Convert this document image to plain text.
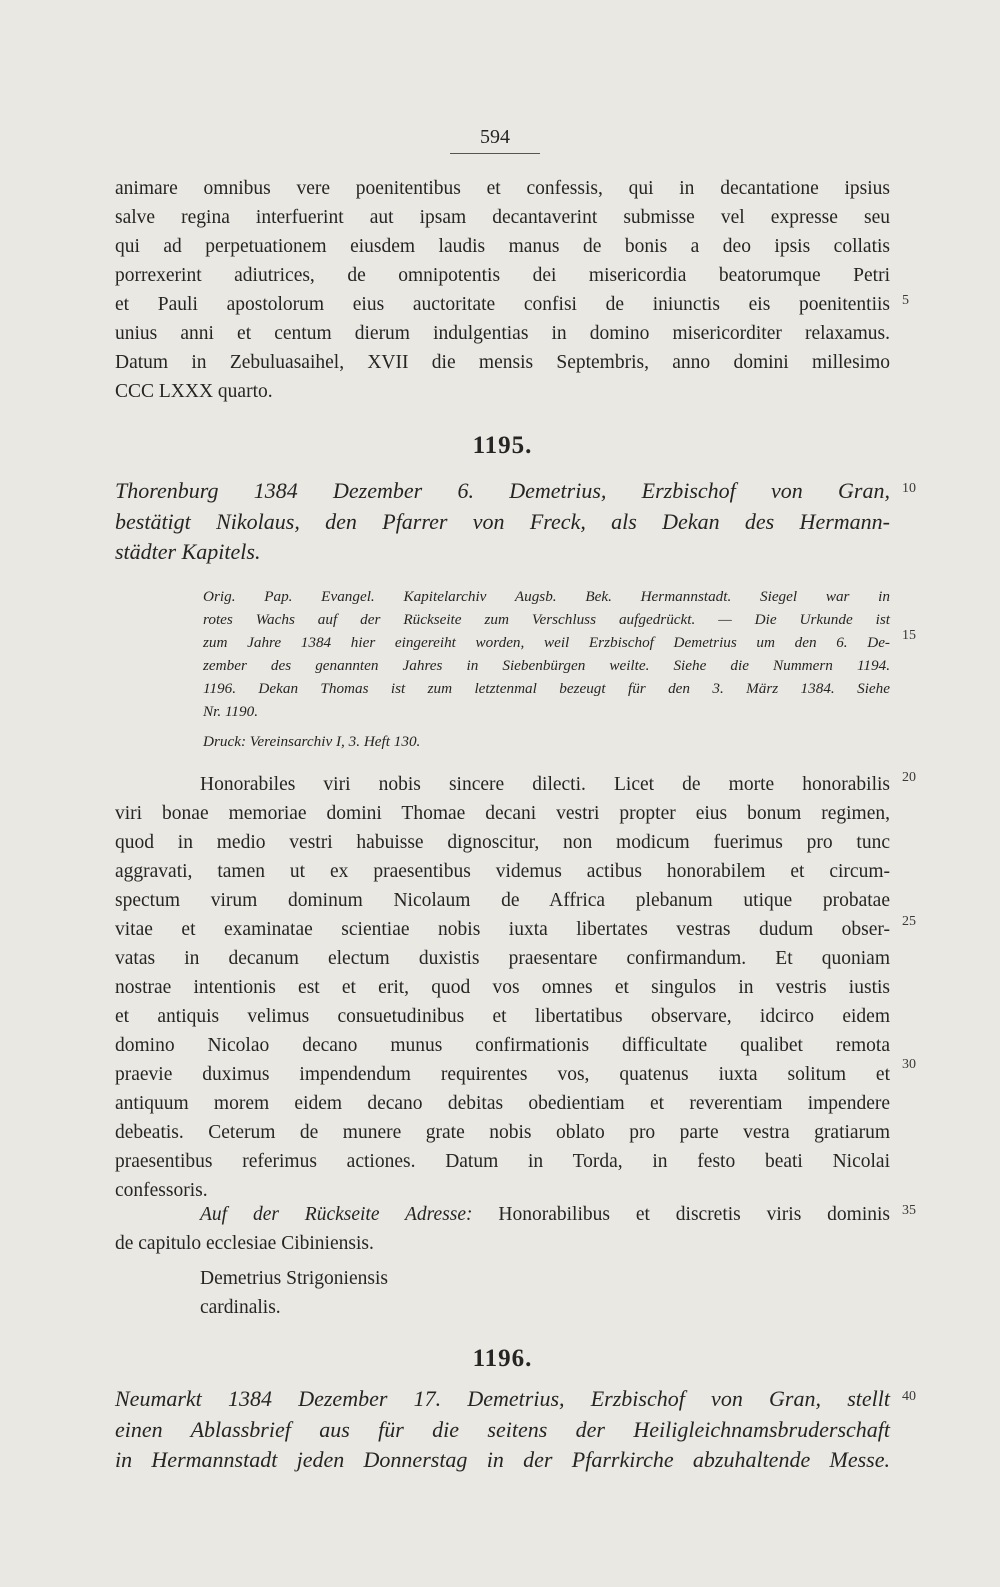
594
animare omnibus vere poenitentibus et confessis, qui in decantatione ipsius
salve regina interfuerint aut ipsam decantaverint submisse vel expresse seu
qui ad perpetuationem eiusdem laudis manus de bonis a deo ipsis collatis
porrexerint adiutrices, de omnipotentis dei misericordia beatorumque Petri
et Pauli apostolorum eius auctoritate confisi de iniunctis eis poenitentiis
unius anni et centum dierum indulgentias in domino misericorditer relaxamus.
Datum in Zebuluasaihel, XVII die mensis Septembris, anno domini millesimo
CCC LXXX quarto.
1195.
Thorenburg 1384 Dezember 6. Demetrius, Erzbischof von Gran,
bestätigt Nikolaus, den Pfarrer von Freck, als Dekan des Hermann-
städter Kapitels.
Orig. Pap. Evangel. Kapitelarchiv Augsb. Bek. Hermannstadt. Siegel war in
rotes Wachs auf der Rückseite zum Verschluss aufgedrückt. — Die Urkunde ist
zum Jahre 1384 hier eingereiht worden, weil Erzbischof Demetrius um den 6. De-
zember des genannten Jahres in Siebenbürgen weilte. Siehe die Nummern 1194.
1196. Dekan Thomas ist zum letztenmal bezeugt für den 3. März 1384. Siehe
Nr. 1190.
Druck: Vereinsarchiv I, 3. Heft 130.
Honorabiles viri nobis sincere dilecti. Licet de morte honorabilis
viri bonae memoriae domini Thomae decani vestri propter eius bonum regimen,
quod in medio vestri habuisse dignoscitur, non modicum fuerimus pro tunc
aggravati, tamen ut ex praesentibus videmus actibus honorabilem et circum-
spectum virum dominum Nicolaum de Affrica plebanum utique probatae
vitae et examinatae scientiae nobis iuxta libertates vestras dudum obser-
vatas in decanum electum duxistis praesentare confirmandum. Et quoniam
nostrae intentionis est et erit, quod vos omnes et singulos in vestris iustis
et antiquis velimus consuetudinibus et libertatibus observare, idcirco eidem
domino Nicolao decano munus confirmationis difficultate qualibet remota
praevie duximus impendendum requirentes vos, quatenus iuxta solitum et
antiquum morem eidem decano debitas obedientiam et reverentiam impendere
debeatis. Ceterum de munere grate nobis oblato pro parte vestra gratiarum
praesentibus referimus actiones. Datum in Torda, in festo beati Nicolai
confessoris.
Auf der Rückseite Adresse: Honorabilibus et discretis viris dominis
de capitulo ecclesiae Cibiniensis.
Demetrius Strigoniensis
cardinalis.
1196.
Neumarkt 1384 Dezember 17. Demetrius, Erzbischof von Gran, stellt
einen Ablassbrief aus für die seitens der Heiligleichnamsbruderschaft
in Hermannstadt jeden Donnerstag in der Pfarrkirche abzuhaltende Messe.
5
10
15
20
25
30
35
40
